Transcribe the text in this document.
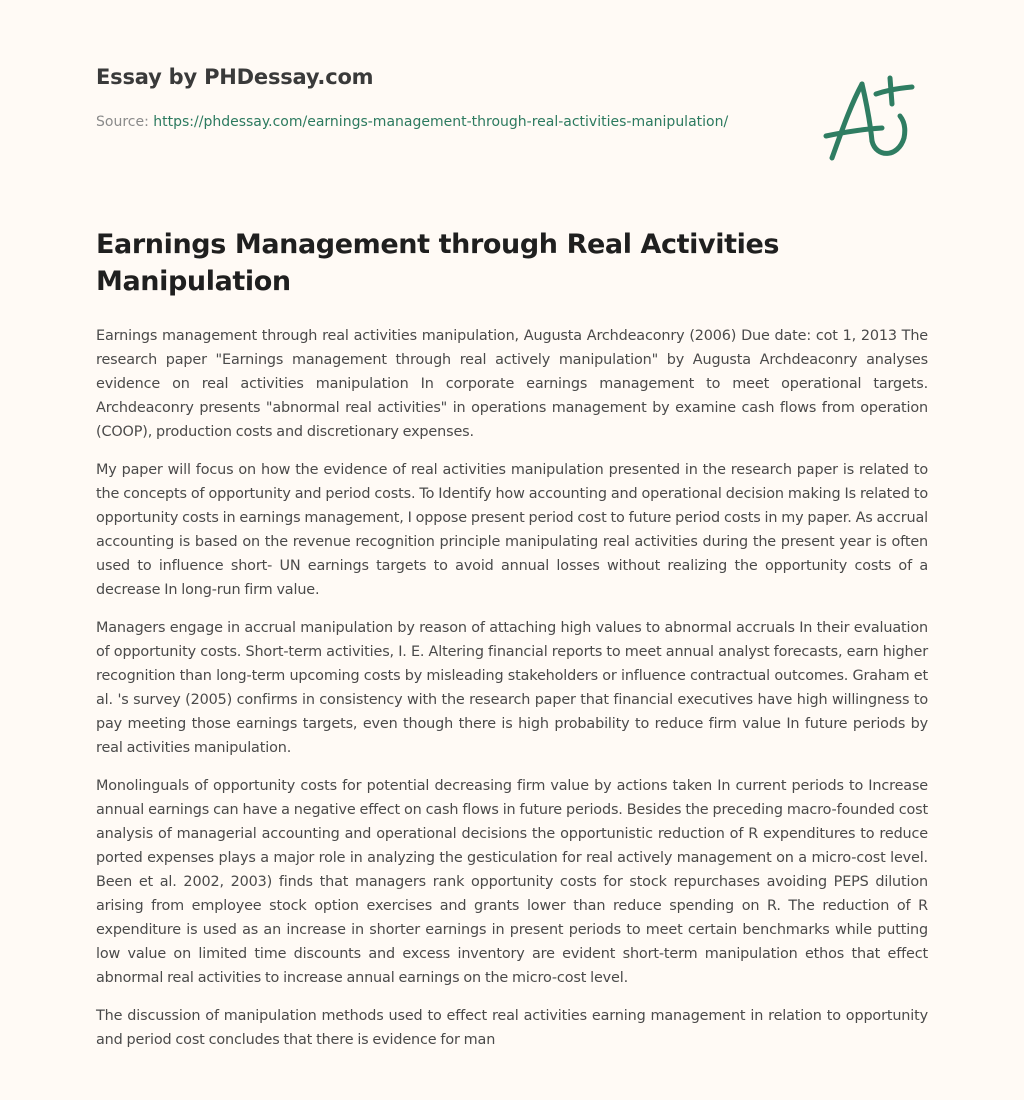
Essay by PHDessay.com
Source: https://phdessay.com/earnings-management-through-real-activities-manipulation/
Earnings Management through Real Activities Manipulation

Earnings management through real activities manipulation, Augusta Archdeaconry (2006) Due date: cot 1, 2013 The research paper "Earnings management through real actively manipulation" by Augusta Archdeaconry analyses evidence on real activities manipulation In corporate earnings management to meet operational targets. Archdeaconry presents "abnormal real activities" in operations management by examine cash flows from operation (COOP), production costs and discretionary expenses.

My paper will focus on how the evidence of real activities manipulation presented in the research paper is related to the concepts of opportunity and period costs. To Identify how accounting and operational decision making Is related to opportunity costs in earnings management, I oppose present period cost to future period costs in my paper. As accrual accounting is based on the revenue recognition principle manipulating real activities during the present year is often used to influence short- UN earnings targets to avoid annual losses without realizing the opportunity costs of a decrease In long-run firm value.

Managers engage in accrual manipulation by reason of attaching high values to abnormal accruals In their evaluation of opportunity costs. Short-term activities, I. E. Altering financial reports to meet annual analyst forecasts, earn higher recognition than long-term upcoming costs by misleading stakeholders or influence contractual outcomes. Graham et al. 's survey (2005) confirms in consistency with the research paper that financial executives have high willingness to pay meeting those earnings targets, even though there is high probability to reduce firm value In future periods by real activities manipulation.

Monolinguals of opportunity costs for potential decreasing firm value by actions taken In current periods to Increase annual earnings can have a negative effect on cash flows in future periods. Besides the preceding macro-founded cost analysis of managerial accounting and operational decisions the opportunistic reduction of R expenditures to reduce ported expenses plays a major role in analyzing the gesticulation for real actively management on a micro-cost level. Been et al. 2002, 2003) finds that managers rank opportunity costs for stock repurchases avoiding PEPS dilution arising from employee stock option exercises and grants lower than reduce spending on R. The reduction of R expenditure is used as an increase in shorter earnings in present periods to meet certain benchmarks while putting low value on limited time discounts and excess inventory are evident short-term manipulation ethos that effect abnormal real activities to increase annual earnings on the micro-cost level.

The discussion of manipulation methods used to effect real activities earning management in relation to opportunity and period cost concludes that there is evidence for man
